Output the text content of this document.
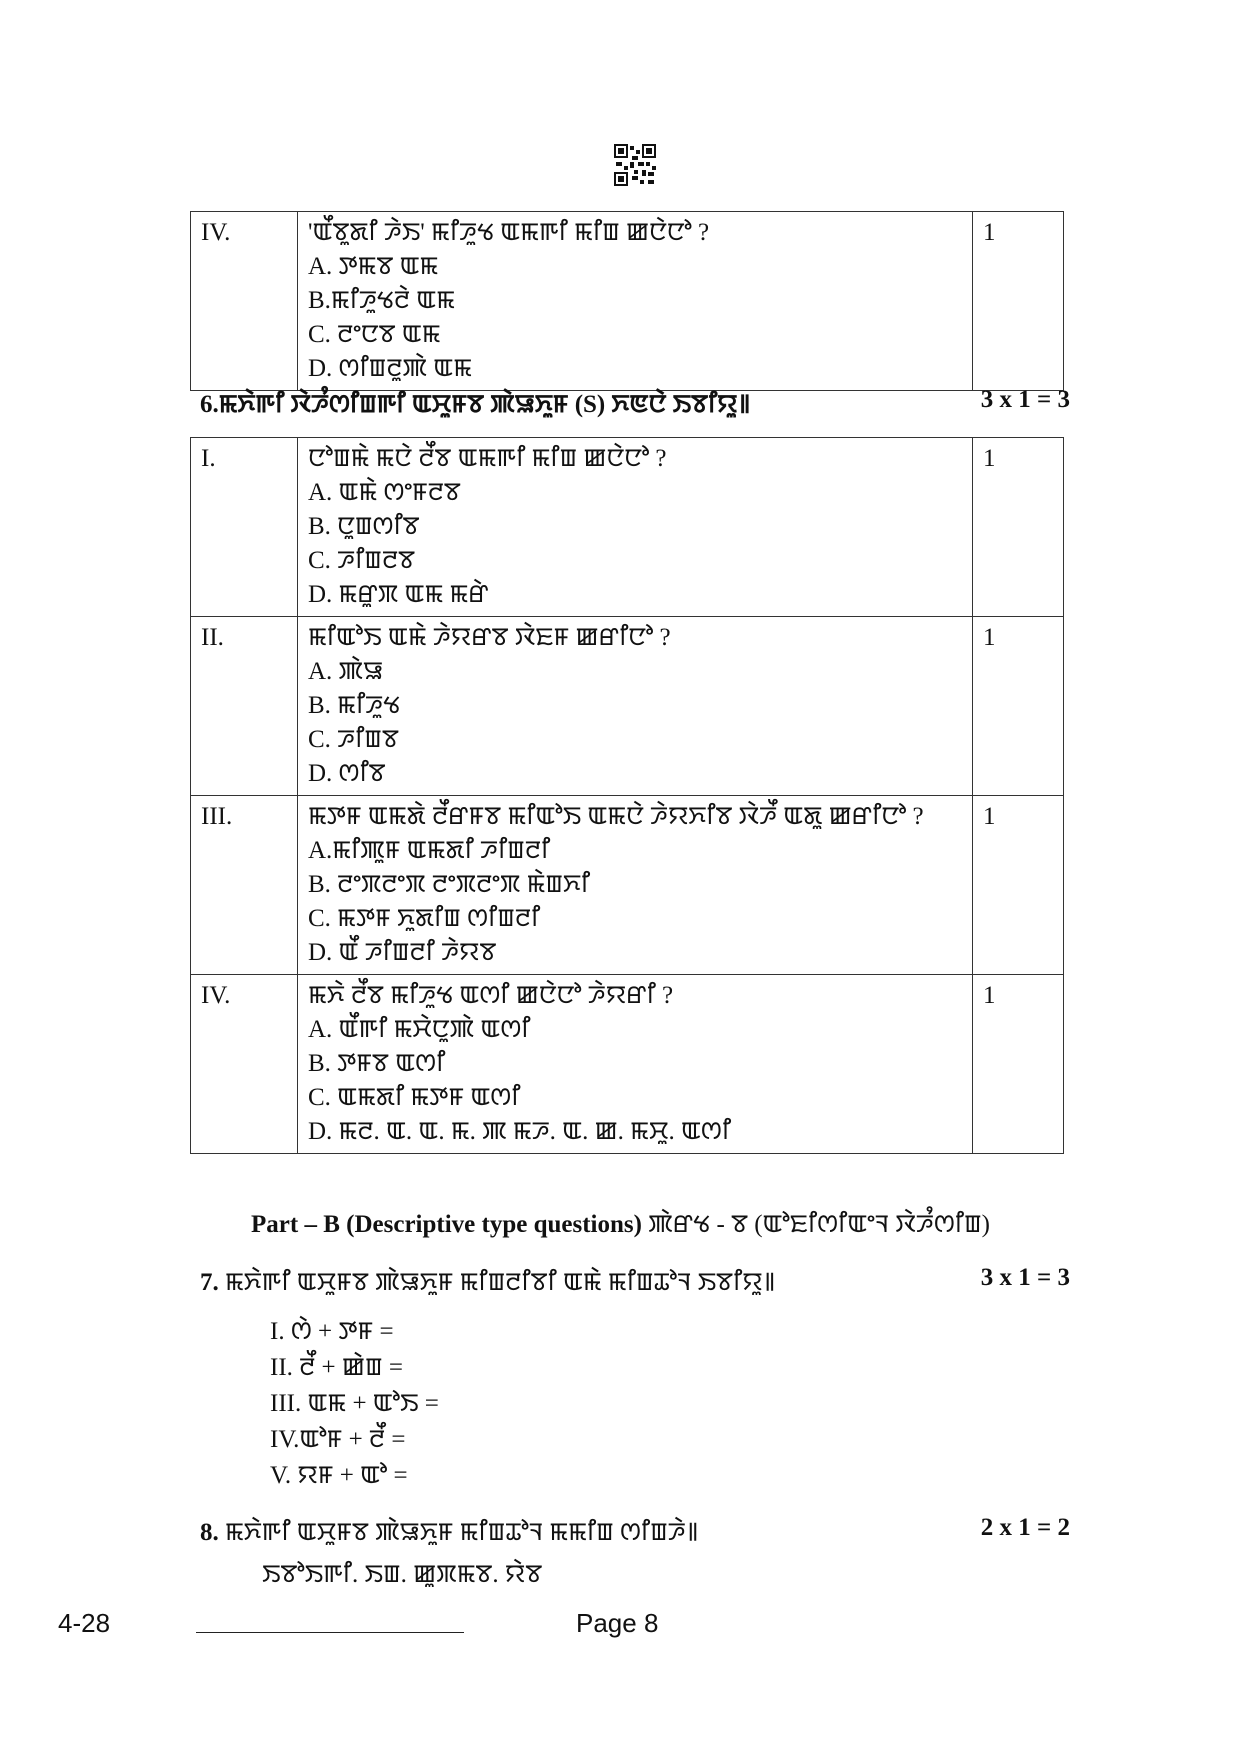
IV.	'ꯑꯩꯕꯨꯗꯤ ꯍꯥꯏ' ꯃꯤꯍꯨꯠ ꯑꯃꯒꯤ ꯃꯤꯡ ꯀꯅꯥꯅꯣ ?
A. ꯇꯃꯕ ꯑꯃ
B.ꯃꯤꯍꯨꯠꯂꯥ ꯑꯃ
C. ꯂꯦꯅꯕ ꯑꯃ
D. ꯁꯤꯡꯂꯨꯄꯥ ꯑꯃ
	1
6.ꯃꯈꯥꯒꯤ ꯋꯥꯍꯪꯁꯤꯡꯒꯤ ꯑꯆꯨꯝꯕ ꯄꯥꯎꯈꯨꯝ (S) ꯈꯟꯅꯥ ꯏꯕꯤꯌꯨ꯫	3 x 1 = 3
I.	ꯅꯣꯡꯃꯥ ꯃꯅꯥ ꯂꯩꯕ ꯑꯃꯒꯤ ꯃꯤꯡ ꯀꯅꯥꯅꯣ ?
A. ꯑꯃꯥ ꯁꯦꯝꯂꯕ
B. ꯅꯨꯡꯁꯤꯕ
C. ꯍꯤꯡꯂꯕ
D. ꯃꯔꯨꯞ ꯑꯃ ꯃꯔꯥ	1
II.	ꯃꯤꯑꯣꯏ ꯑꯃꯥ ꯍꯥꯌꯔꯕ ꯋꯥꯐꯝ ꯀꯔꯤꯅꯣ ?
A. ꯄꯥꯎ
B. ꯃꯤꯍꯨꯠ
C. ꯍꯤꯡꯕ
D. ꯁꯤꯕ	1
III.	ꯃꯇꯝ ꯑꯃꯗꯥ ꯂꯩꯔꯝꯕ ꯃꯤꯑꯣꯏ ꯑꯃꯅꯥ ꯍꯥꯌꯈꯤꯕ ꯋꯥꯍꯩ ꯑꯗꯨ ꯀꯔꯤꯅꯣ ?
A.ꯃꯤꯄꯨꯝ ꯑꯃꯗꯤ ꯍꯤꯡꯂꯤ
B. ꯂꯦꯞꯂꯦꯞ ꯂꯦꯞꯂꯦꯞ ꯃꯥꯡꯈꯤ
C. ꯃꯇꯝ ꯈꯨꯗꯤꯡ ꯁꯤꯡꯂꯤ
D. ꯑꯩ ꯍꯤꯡꯂꯤ ꯍꯥꯌꯕ	1
IV.	ꯃꯈꯥ ꯂꯩꯕ ꯃꯤꯍꯨꯠ ꯑꯁꯤ ꯀꯅꯥꯅꯣ ꯍꯥꯌꯔꯤ ?
A. ꯑꯩꯒꯤ ꯃꯆꯥꯅꯨꯄꯥ ꯑꯁꯤ
B. ꯇꯝꯕ ꯑꯁꯤ
C. ꯑꯃꯗꯤ ꯃꯇꯝ ꯑꯁꯤ
D. ꯃꯂ. ꯑ. ꯑ. ꯃ. ꯄ ꯃꯍ. ꯑ. ꯀ. ꯃꯆꯨ. ꯑꯁꯤ	1
Part – B (Descriptive type questions) ꯄꯥꯔꯠ - ꯕ (ꯑꯣꯐꯤꯁꯤꯑꯦꯜ ꯋꯥꯍꯪꯁꯤꯡ)
7. ꯃꯈꯥꯒꯤ ꯑꯆꯨꯝꯕ ꯄꯥꯎꯈꯨꯝ ꯃꯤꯡꯂꯤꯕꯤ ꯑꯃꯥ ꯃꯤꯡꯊꯣꯜ ꯏꯕꯤꯌꯨ꯫	3 x 1 = 3
I. ꯁꯥ + ꯇꯝ =
II. ꯂꯩ + ꯀꯥꯡ =
III. ꯑꯃ + ꯑꯣꯏ =
IV.ꯑꯣꯝ + ꯂꯩ =
V. ꯌꯝ + ꯑꯣ =
8. ꯃꯈꯥꯒꯤ ꯑꯆꯨꯝꯕ ꯄꯥꯎꯈꯨꯝ ꯃꯤꯡꯊꯣꯜ ꯃꯃꯤꯡ ꯁꯤꯡꯍꯥ꯫	2 x 1 = 2
ꯏꯕꯣꯏꯒꯤ. ꯏꯡ. ꯀꯨꯞꯃꯕ. ꯌꯥꯕ
4-28	Page 8
